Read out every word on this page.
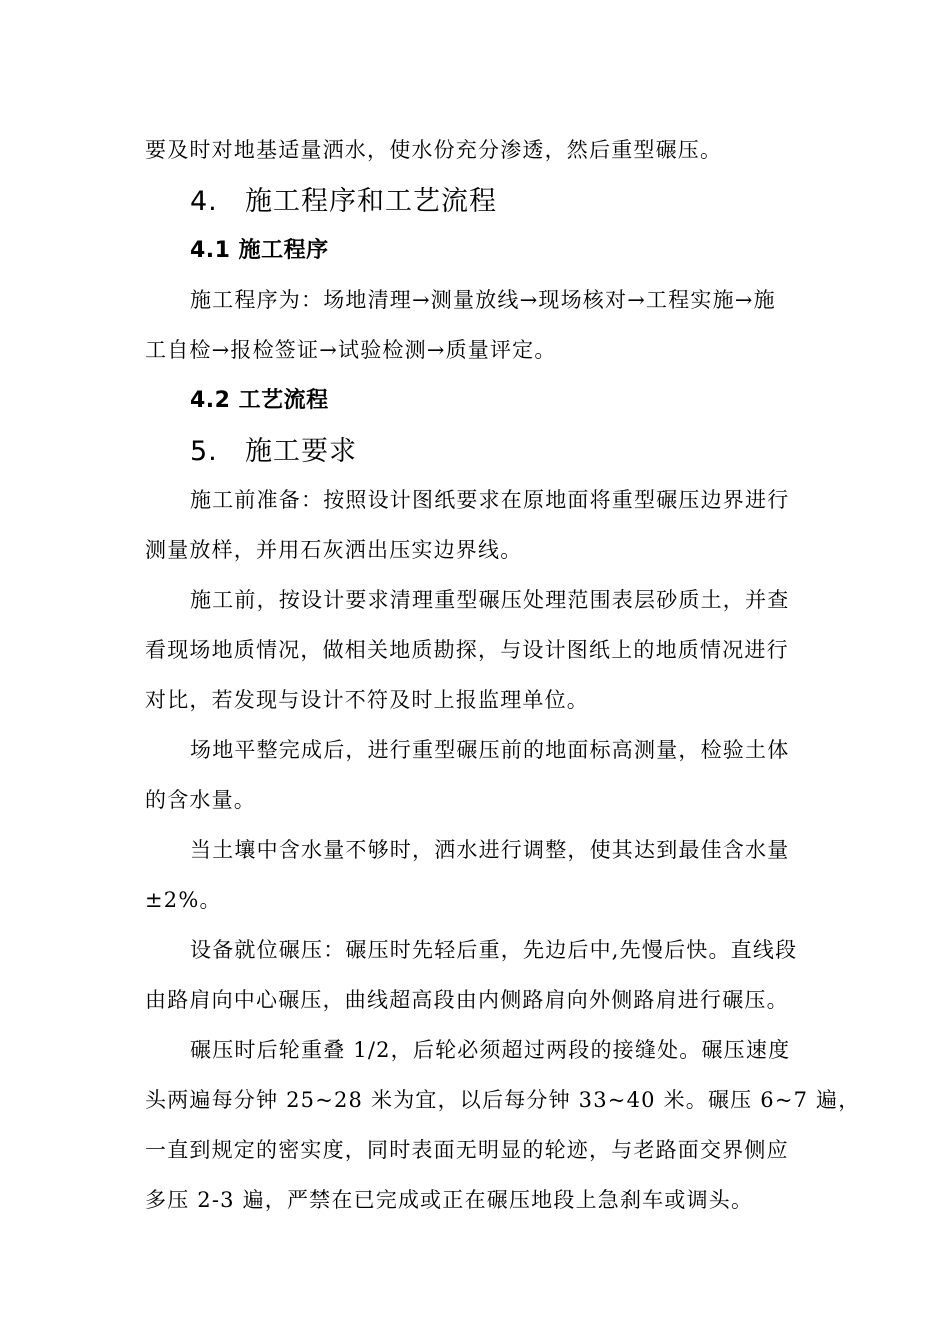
要及时对地基适量洒水，使水份充分渗透，然后重型碾压。
4. 施工程序和工艺流程
4.1 施工程序
施工程序为：场地清理→测量放线→现场核对→工程实施→施
工自检→报检签证→试验检测→质量评定。
4.2 工艺流程
5. 施工要求
施工前准备：按照设计图纸要求在原地面将重型碾压边界进行
测量放样，并用石灰洒出压实边界线。
施工前，按设计要求清理重型碾压处理范围表层砂质土，并查
看现场地质情况，做相关地质勘探，与设计图纸上的地质情况进行
对比，若发现与设计不符及时上报监理单位。
场地平整完成后，进行重型碾压前的地面标高测量，检验土体
的含水量。
当土壤中含水量不够时，洒水进行调整，使其达到最佳含水量
±2%。
设备就位碾压：碾压时先轻后重，先边后中,先慢后快。直线段
由路肩向中心碾压，曲线超高段由内侧路肩向外侧路肩进行碾压。
碾压时后轮重叠 1/2，后轮必须超过两段的接缝处。碾压速度
头两遍每分钟 25~28 米为宜，以后每分钟 33~40 米。碾压 6~7 遍，
一直到规定的密实度，同时表面无明显的轮迹，与老路面交界侧应
多压 2-3 遍，严禁在已完成或正在碾压地段上急刹车或调头。
